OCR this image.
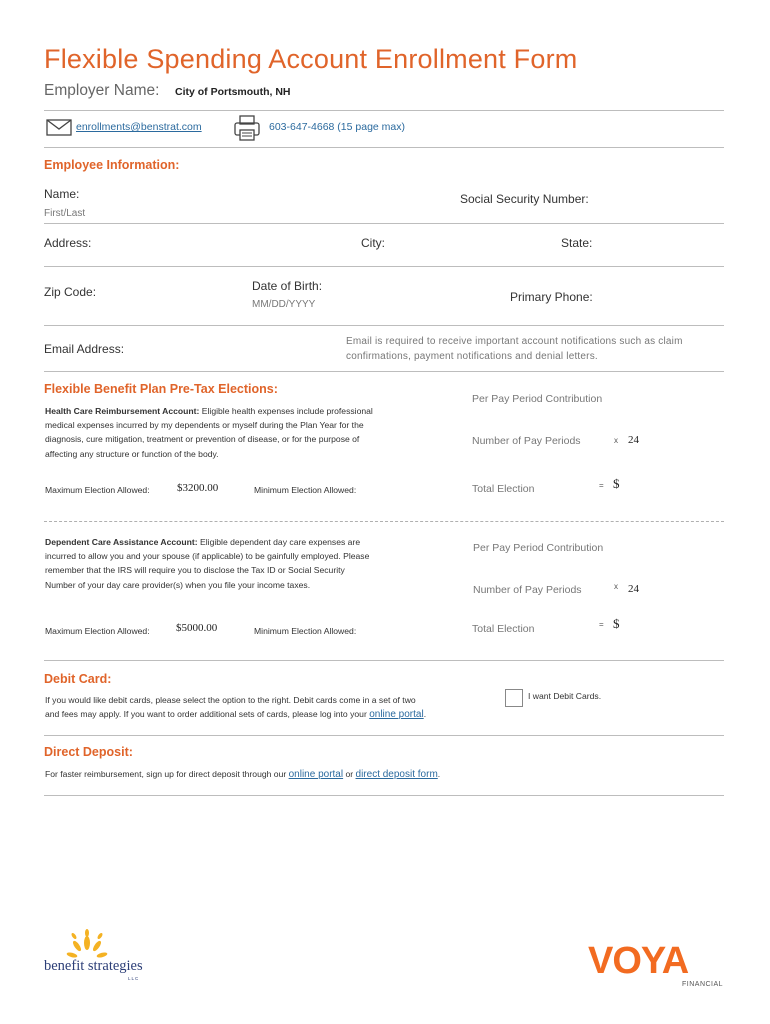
Flexible Spending Account Enrollment Form
Employer Name: City of Portsmouth, NH
enrollments@benstrat.com	603-647-4668 (15 page max)
Employee Information:
Name:	Social Security Number:
First/Last
Address:	City:	State:
Zip Code:	Date of Birth:
MM/DD/YYYY
Primary Phone:
Email Address:
Email is required to receive important account notifications such as claim
confirmations, payment notifications and denial letters.
Flexible Benefit Plan Pre-Tax Elections:
Health Care Reimbursement Account: Eligible health expenses include professional
medical expenses incurred by my dependents or myself during the Plan Year for the
diagnosis, cure mitigation, treatment or prevention of disease, or for the purpose of
affecting any structure or function of the body.
Per Pay Period Contribution
Number of Pay Periods	x 24
Maximum Election Allowed: $3200.00	Minimum Election Allowed:	Total Election	= $
Dependent Care Assistance Account: Eligible dependent day care expenses are
incurred to allow you and your spouse (if applicable) to be gainfully employed. Please
remember that the IRS will require you to disclose the Tax ID or Social Security
Number of your day care provider(s) when you file your income taxes.
Per Pay Period Contribution
Number of Pay Periods	x 24
Maximum Election Allowed: $5000.00	Minimum Election Allowed:	Total Election	= $
Debit Card:
If you would like debit cards, please select the option to the right. Debit cards come in a set of two
and fees may apply. If you want to order additional sets of cards, please log into your online portal.
I want Debit Cards.
Direct Deposit:
For faster reimbursement, sign up for direct deposit through our online portal or direct deposit form.
benefit strategies
LLC	VOYA
FINANCIAL
